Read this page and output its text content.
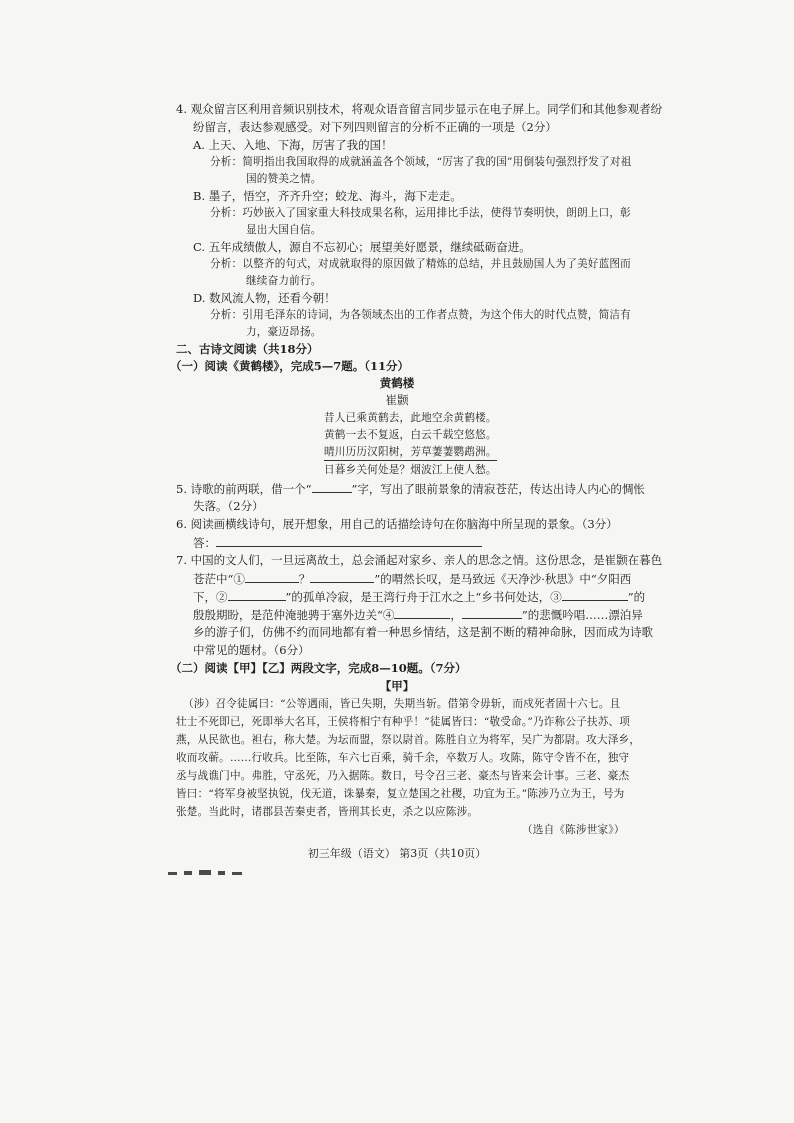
4. 观众留言区利用音频识别技术，将观众语音留言同步显示在电子屏上。同学们和其他参观者纷
纷留言，表达参观感受。对下列四则留言的分析不正确的一项是（2分）
A. 上天、入地、下海，厉害了我的国！
分析：简明指出我国取得的成就涵盖各个领域，“厉害了我的国”用倒装句强烈抒发了对祖
国的赞美之情。
B. 墨子，悟空，齐齐升空；蛟龙、海斗，海下走走。
分析：巧妙嵌入了国家重大科技成果名称，运用排比手法，使得节奏明快，朗朗上口，彰
显出大国自信。
C. 五年成绩傲人，源自不忘初心；展望美好愿景，继续砥砺奋进。
分析：以整齐的句式，对成就取得的原因做了精炼的总结，并且鼓励国人为了美好蓝图而
继续奋力前行。
D. 数风流人物，还看今朝！
分析：引用毛泽东的诗词，为各领域杰出的工作者点赞，为这个伟大的时代点赞，简洁有
力，豪迈昂扬。
二、古诗文阅读（共18分）
（一）阅读《黄鹤楼》，完成5—7题。（11分）
黄鹤楼
崔颢
昔人已乘黄鹤去，此地空余黄鹤楼。
黄鹤一去不复返，白云千载空悠悠。
晴川历历汉阳树，芳草萋萋鹦鹉洲。
日暮乡关何处是？烟波江上使人愁。
5. 诗歌的前两联，借一个“	”字，写出了眼前景象的清寂苍茫，传达出诗人内心的惆怅
失落。（2分）
6. 阅读画横线诗句，展开想象，用自己的话描绘诗句在你脑海中所呈现的景象。（3分）
答：
7. 中国的文人们，一旦远离故土，总会涌起对家乡、亲人的思念之情。这份思念，是崔颢在暮色
苍茫中“①	？	”的喟然长叹，是马致远《天净沙·秋思》中“夕阳西
下，②	”的孤单冷寂，是王湾行舟于江水之上“乡书何处达，③	”的
殷殷期盼，是范仲淹驰骋于塞外边关“④	，	”的悲慨吟唱……漂泊异
乡的游子们，仿佛不约而同地都有着一种思乡情结，这是割不断的精神命脉，因而成为诗歌
中常见的题材。（6分）
（二）阅读【甲】【乙】两段文字，完成8—10题。（7分）
【甲】
（涉）召令徒属曰：“公等遇雨，皆已失期，失期当斩。借第令毋斩，而戍死者固十六七。且
壮士不死即已，死即举大名耳，王侯将相宁有种乎！”徒属皆曰：“敬受命。”乃诈称公子扶苏、项
燕，从民欲也。袒右，称大楚。为坛而盟，祭以尉首。陈胜自立为将军，吴广为都尉。攻大泽乡，
收而攻蕲。……行收兵。比至陈，车六七百乘，骑千余，卒数万人。攻陈，陈守令皆不在，独守
丞与战谯门中。弗胜，守丞死，乃入据陈。数日，号令召三老、豪杰与皆来会计事。三老、豪杰
皆曰：“将军身被坚执锐，伐无道，诛暴秦，复立楚国之社稷，功宜为王。”陈涉乃立为王，号为
张楚。当此时，诸郡县苦秦吏者，皆刑其长吏，杀之以应陈涉。
（选自《陈涉世家》）
初三年级（语文） 第3页（共10页）
